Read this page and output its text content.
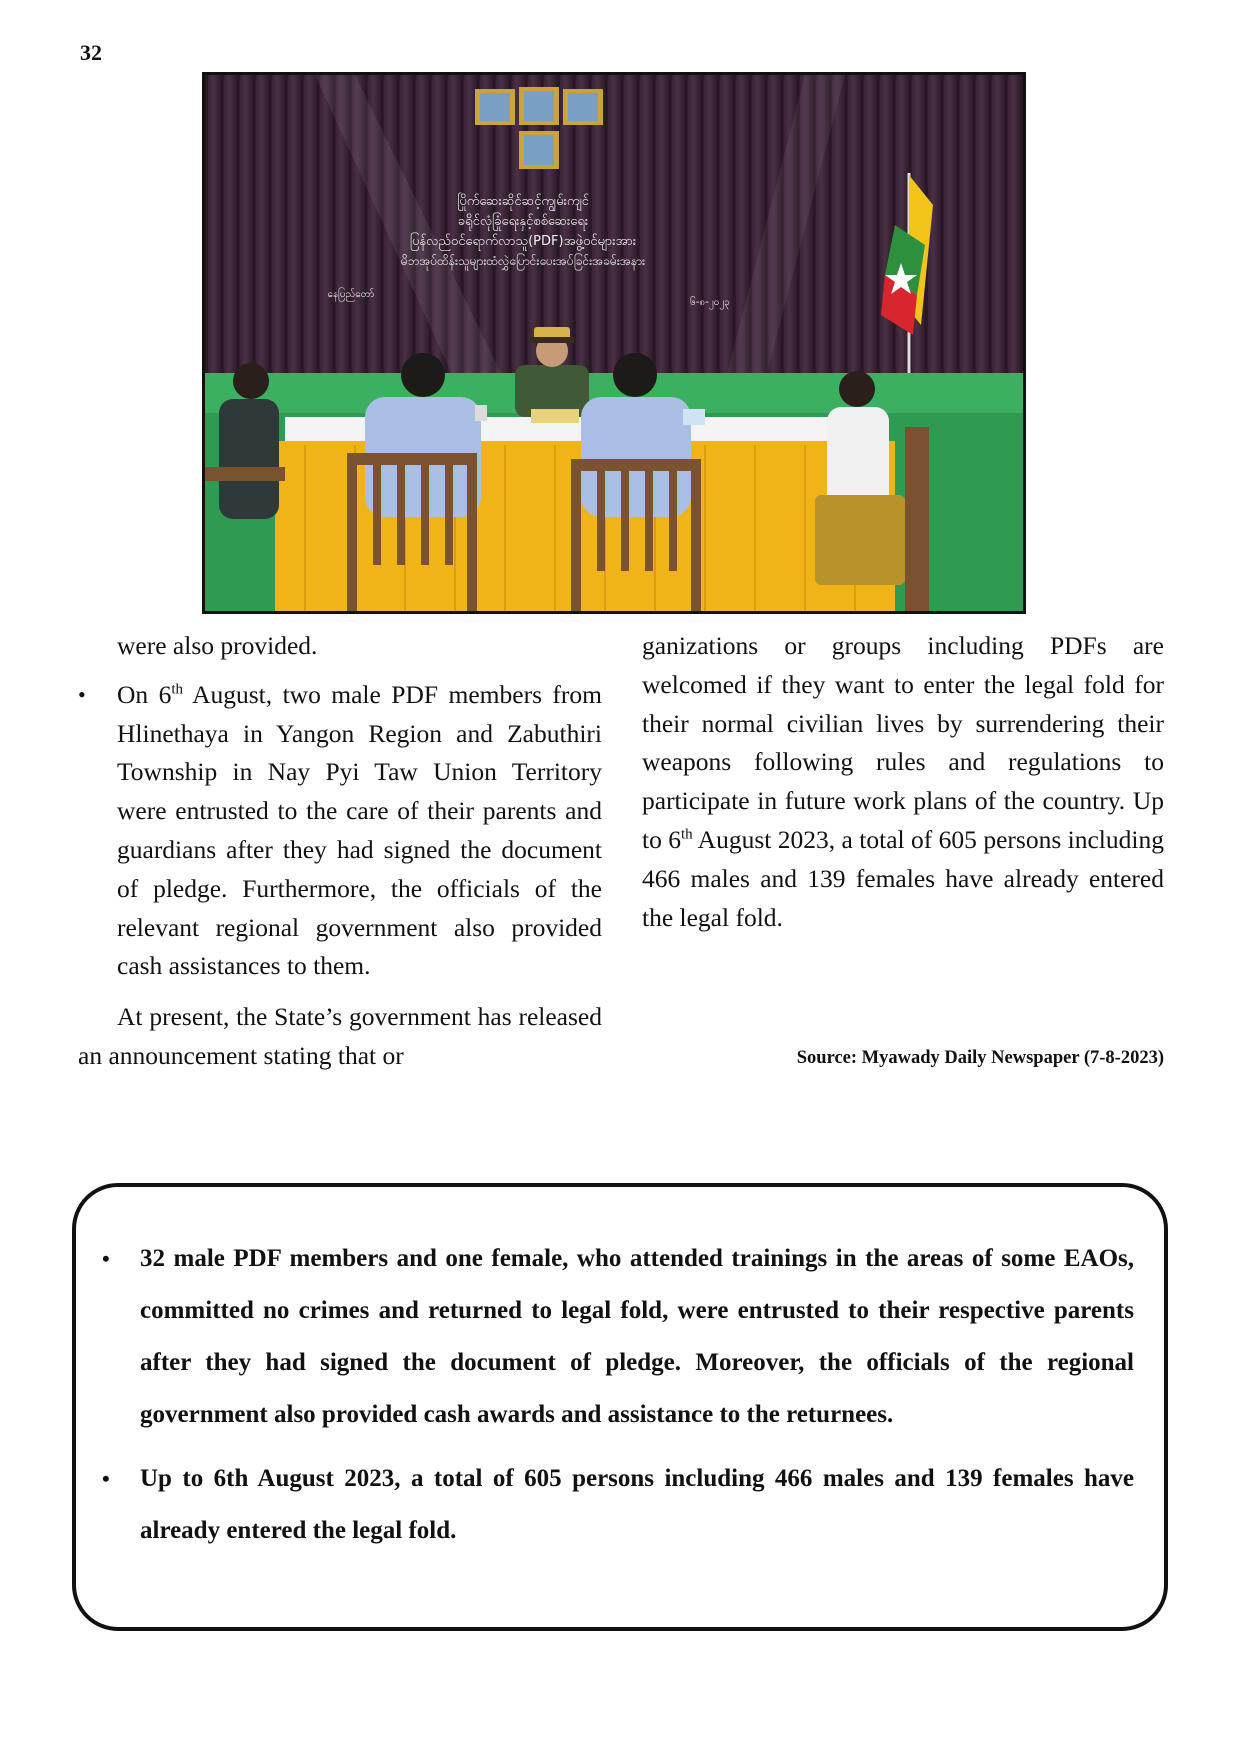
32
ပြိုက်ဆေးဆိုင်ဆင့်ကျွမ်းကျင်
ခရိုင်လုံခြုံရေးနှင့်စစ်ဆေးရေး
ပြန်လည်ဝင်ရောက်လာသူ(PDF)အဖွဲ့ဝင်များအား
မိဘအုပ်ထိန်းသူများထံလွှဲပြောင်းပေးအပ်ခြင်းအခမ်းအနား
နေပြည်တော်
၆-၈-၂၀၂၃

were also provided.

• On 6th August, two male PDF members from Hlinethaya in Yangon Region and Zabuthiri Township in Nay Pyi Taw Union Territory were entrusted to the care of their parents and guardians after they had signed the document of pledge. Furthermore, the officials of the relevant regional government also provided cash assistances to them.

At present, the State’s government has released an announcement stating that or

ganizations or groups including PDFs are welcomed if they want to enter the legal fold for their normal civilian lives by surrendering their weapons following rules and regulations to participate in future work plans of the country. Up to 6th August 2023, a total of 605 persons including 466 males and 139 females have already entered the legal fold.

Source: Myawady Daily Newspaper (7-8-2023)
• 32 male PDF members and one female, who attended trainings in the areas of some EAOs, committed no crimes and returned to legal fold, were entrusted to their respective parents after they had signed the document of pledge. Moreover, the officials of the regional government also provided cash awards and assistance to the returnees.
• Up to 6th August 2023, a total of 605 persons including 466 males and 139 females have already entered the legal fold.
